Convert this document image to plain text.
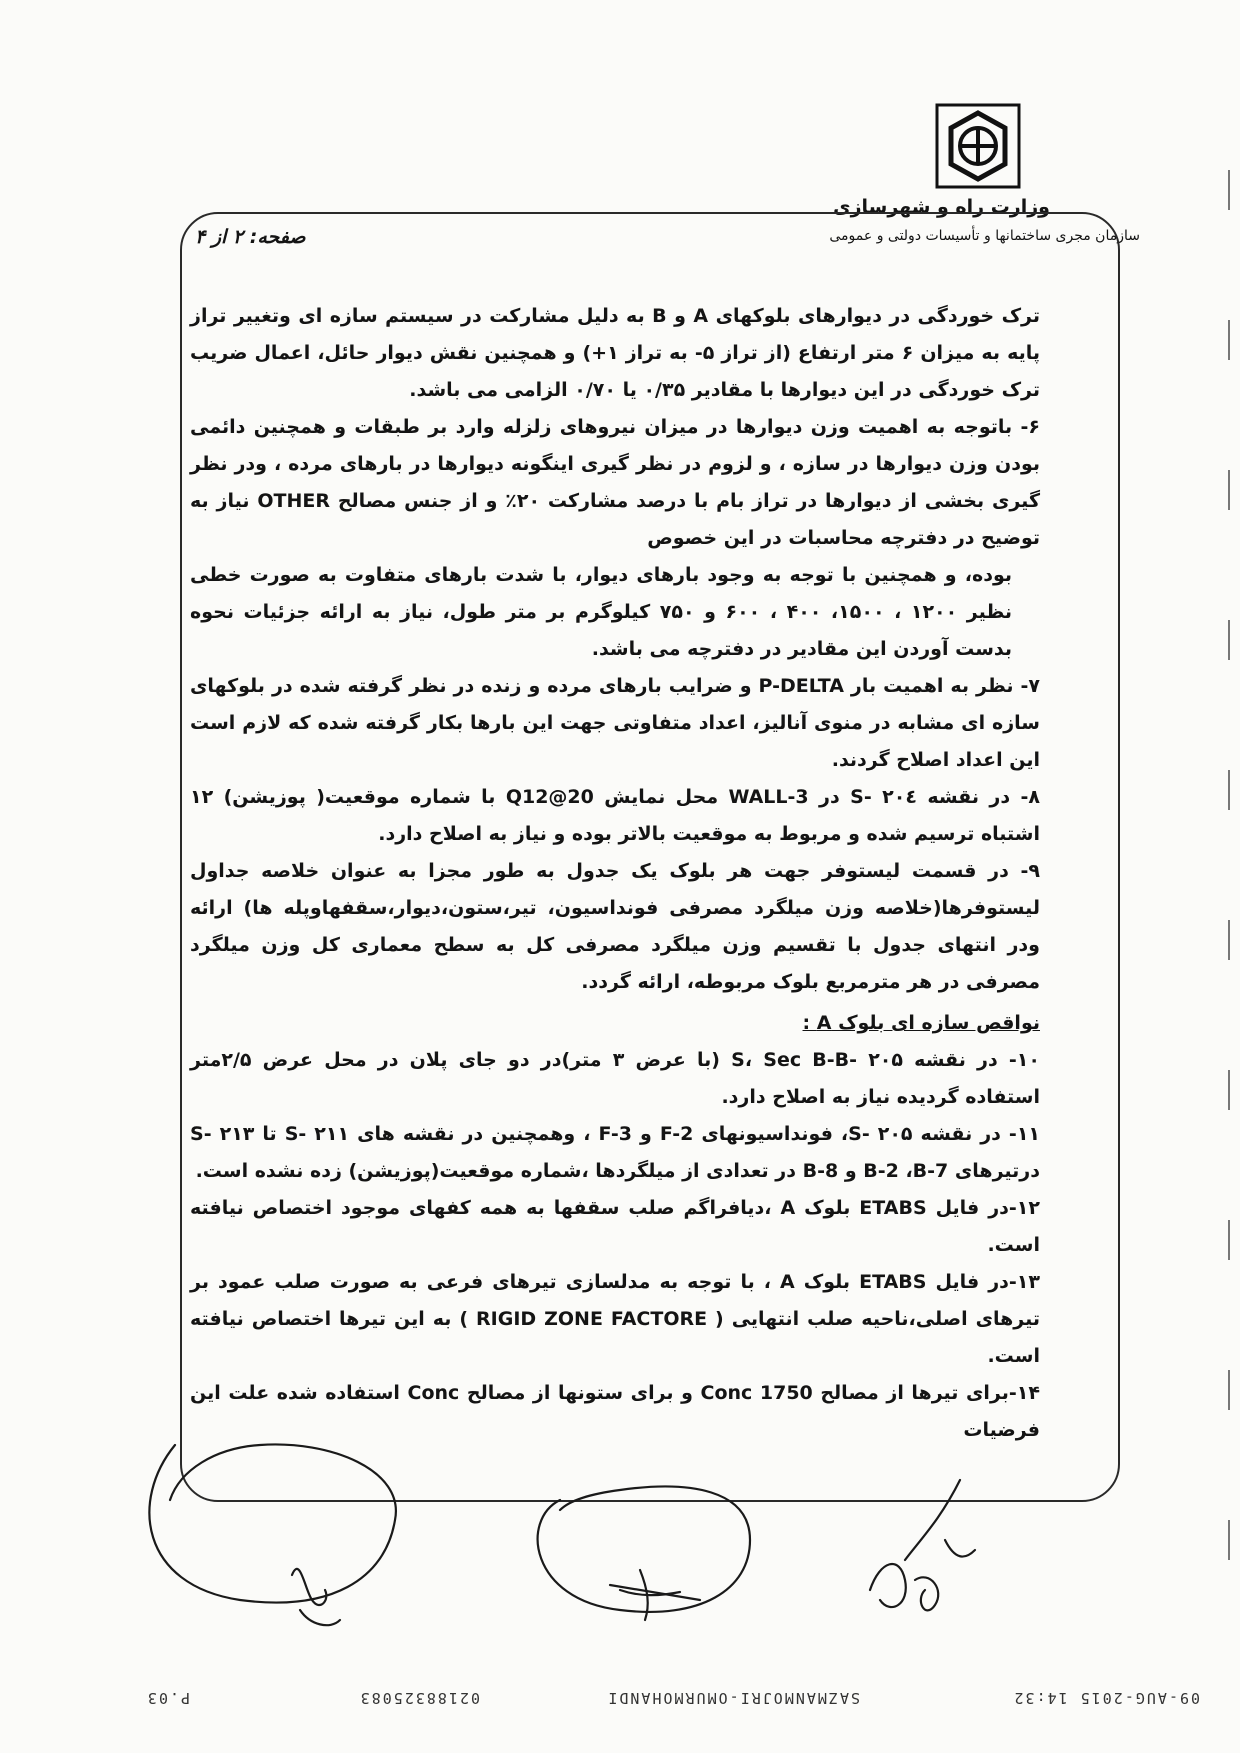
وزارت راه و شهرسازی
سازمان مجری ساختمانها و تأسیسات دولتی و عمومی
صفحه: ۲ از ۴

ترک خوردگی در دیوارهای بلوکهای A و B به دلیل مشارکت در سیستم سازه ای وتغییر تراز پایه به میزان ۶ متر ارتفاع (از تراز ۵- به تراز ۱+) و همچنین نقش دیوار حائل، اعمال ضریب ترک خوردگی در این دیوارها با مقادیر ۰/۳۵ یا ۰/۷۰ الزامی می باشد.

۶- باتوجه به اهمیت وزن دیوارها در میزان نیروهای زلزله وارد بر طبقات و همچنین دائمی بودن وزن دیوارها در سازه ، و لزوم در نظر گیری اینگونه دیوارها در بارهای مرده ، ودر نظر گیری بخشی از دیوارها در تراز بام با درصد مشارکت ۲۰٪ و از جنس مصالح OTHER نیاز به توضیح در دفترچه محاسبات در این خصوص

بوده، و همچنین با توجه به وجود بارهای دیوار، با شدت بارهای متفاوت به صورت خطی نظیر ۱۲۰۰ ، ۱۵۰۰، ۴۰۰ ، ۶۰۰ و ۷۵۰ کیلوگرم بر متر طول، نیاز به ارائه جزئیات نحوه بدست آوردن این مقادیر در دفترچه می باشد.

۷- نظر به اهمیت بار P-DELTA و ضرایب بارهای مرده و زنده در نظر گرفته شده در بلوکهای سازه ای مشابه در منوی آنالیز، اعداد متفاوتی جهت این بارها بکار گرفته شده که لازم است این اعداد اصلاح گردند.

۸- در نقشه ۲۰٤ -S در WALL-3 محل نمایش Q12@20 با شماره موقعیت( پوزیشن) ۱۲ اشتباه ترسیم شده و مربوط به موقعیت بالاتر بوده و نیاز به اصلاح دارد.

۹- در قسمت لیستوفر جهت هر بلوک یک جدول به طور مجزا به عنوان خلاصه جداول لیستوفرها(خلاصه وزن میلگرد مصرفی فونداسیون، تیر،ستون،دیوار،سقفهاوپله ها) ارائه ودر انتهای جدول با تقسیم وزن میلگرد مصرفی کل به سطح معماری کل وزن میلگرد مصرفی در هر مترمربع بلوک مربوطه، ارائه گردد.

نواقص سازه ای بلوک A :

۱۰- در نقشه ۲۰۵ -S، Sec B-B (با عرض ۳ متر)در دو جای پلان در محل عرض ۲/۵متر استفاده گردیده نیاز به اصلاح دارد.

۱۱- در نقشه ۲۰۵ -S، فونداسیونهای F-2 و F-3 ، وهمچنین در نقشه های ۲۱۱ -S تا ۲۱۳ -S درتیرهای B-2 ،B-7 و B-8 در تعدادی از میلگردها ،شماره موقعیت(پوزیشن) زده نشده است.

۱۲-در فایل ETABS بلوک A ،دیافراگم صلب سقفها به همه کفهای موجود اختصاص نیافته است.

۱۳-در فایل ETABS بلوک A ، با توجه به مدلسازی تیرهای فرعی به صورت صلب عمود بر تیرهای اصلی،ناحیه صلب انتهایی ( RIGID ZONE FACTORE ) به این تیرها اختصاص نیافته است.

۱۴-برای تیرها از مصالح Conc 1750 و برای ستونها از مصالح Conc استفاده شده علت این فرضیات

09-AUG-2015 14:32
SAZMANMOJRI-OMURMOHANDI
02188325083
P.03
